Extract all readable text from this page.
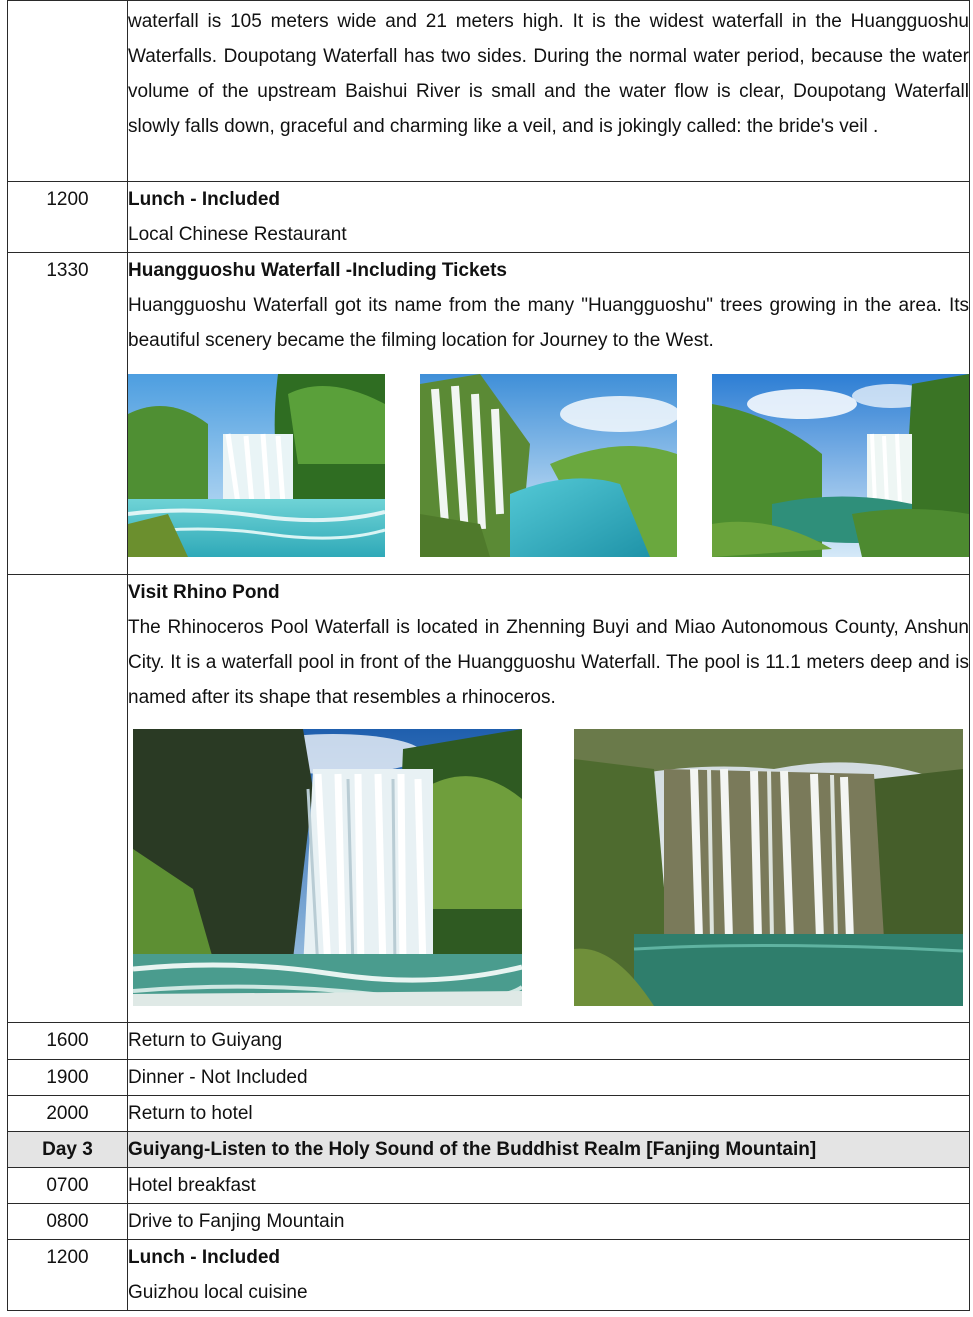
	waterfall is 105 meters wide and 21 meters high. It is the widest waterfall in the Huangguoshu Waterfalls. Doupotang Waterfall has two sides. During the normal water period, because the water volume of the upstream Baishui River is small and the water flow is clear, Doupotang Waterfall slowly falls down, graceful and charming like a veil, and is jokingly called: the bride's veil .

1200	Lunch - Included
Local Chinese Restaurant

1330	Huangguoshu Waterfall -Including Tickets
Huangguoshu Waterfall got its name from the many "Huangguoshu" trees growing in the area. Its beautiful scenery became the filming location for Journey to the West.

	Visit Rhino Pond
The Rhinoceros Pool Waterfall is located in Zhenning Buyi and Miao Autonomous County, Anshun City. It is a waterfall pool in front of the Huangguoshu Waterfall. The pool is 11.1 meters deep and is named after its shape that resembles a rhinoceros.

1600	Return to Guiyang
1900	Dinner - Not Included
2000	Return to hotel
Day 3	Guiyang-Listen to the Holy Sound of the Buddhist Realm [Fanjing Mountain]
0700	Hotel breakfast
0800	Drive to Fanjing Mountain
1200	Lunch - Included
Guizhou local cuisine
